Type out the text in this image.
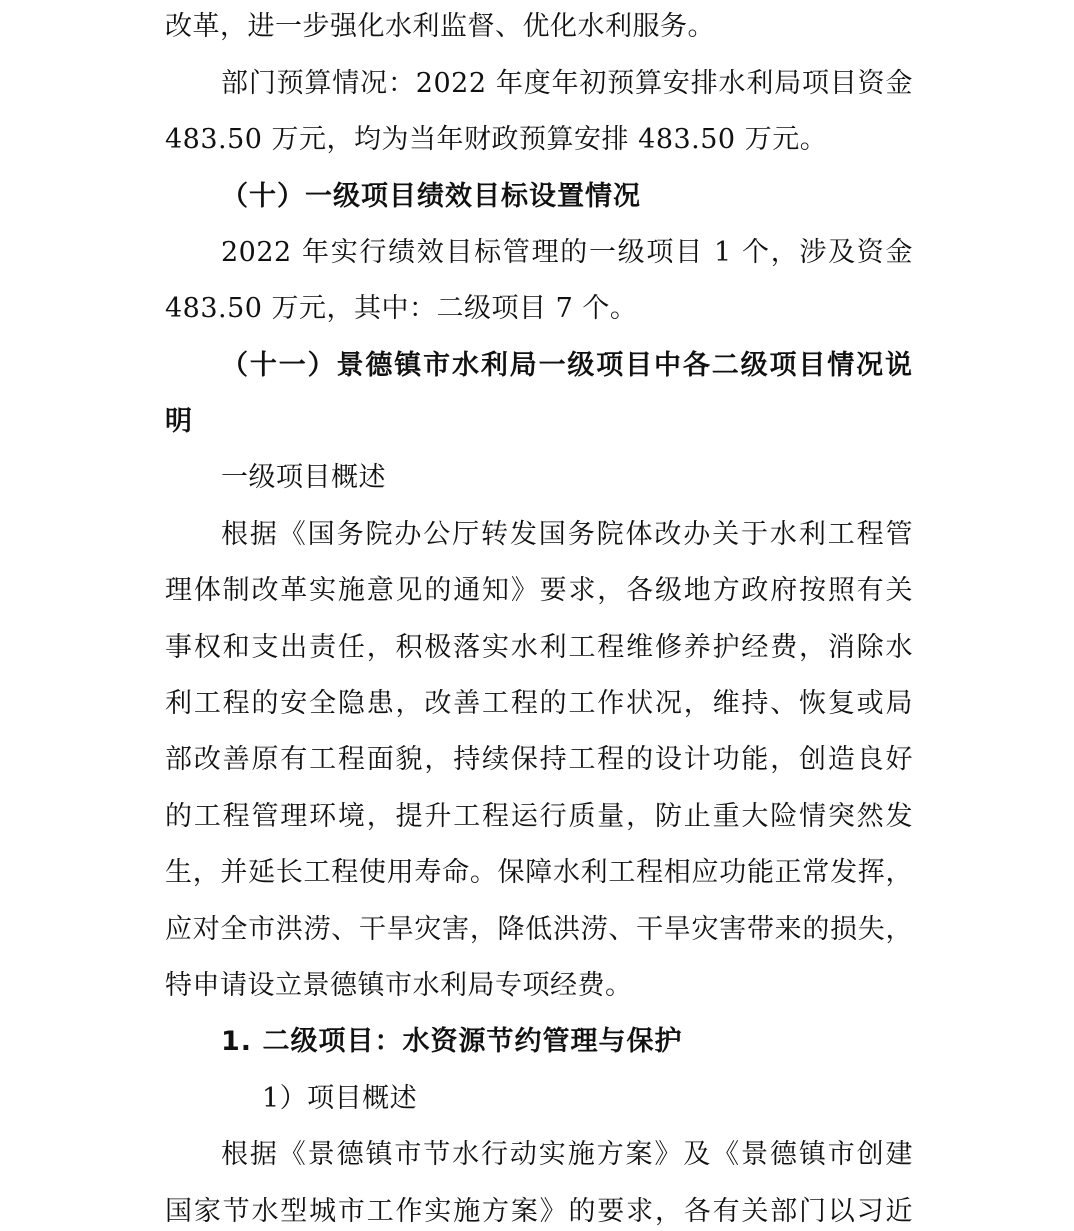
改革，进一步强化水利监督、优化水利服务。
部门预算情况：2022 年度年初预算安排水利局项目资金
483.50 万元，均为当年财政预算安排 483.50 万元。
（十）一级项目绩效目标设置情况
2022 年实行绩效目标管理的一级项目 1 个，涉及资金
483.50 万元，其中：二级项目 7 个。
（十一）景德镇市水利局一级项目中各二级项目情况说
明
一级项目概述
根据《国务院办公厅转发国务院体改办关于水利工程管
理体制改革实施意见的通知》要求，各级地方政府按照有关
事权和支出责任，积极落实水利工程维修养护经费，消除水
利工程的安全隐患，改善工程的工作状况，维持、恢复或局
部改善原有工程面貌，持续保持工程的设计功能，创造良好
的工程管理环境，提升工程运行质量，防止重大险情突然发
生，并延长工程使用寿命。保障水利工程相应功能正常发挥，
应对全市洪涝、干旱灾害，降低洪涝、干旱灾害带来的损失，
特申请设立景德镇市水利局专项经费。
1. 二级项目：水资源节约管理与保护
1）项目概述
根据《景德镇市节水行动实施方案》及《景德镇市创建
国家节水型城市工作实施方案》的要求，各有关部门以习近
